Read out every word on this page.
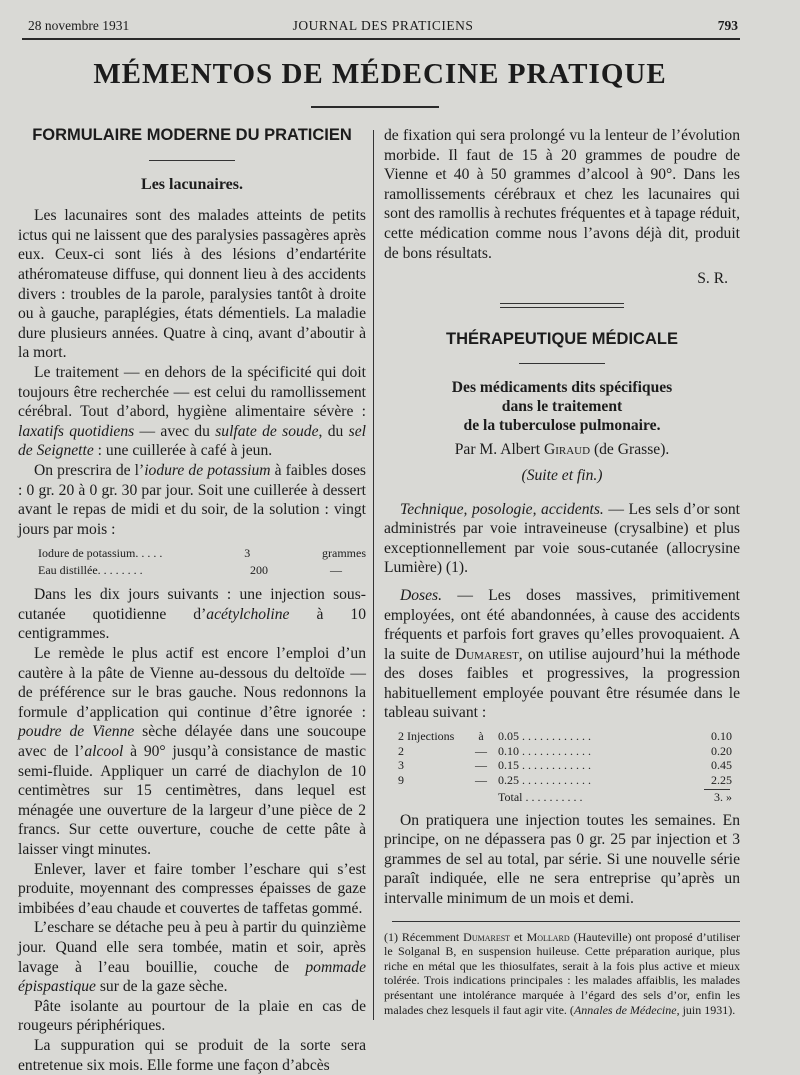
28 novembre 1931	JOURNAL DES PRATICIENS	793
MÉMENTOS DE MÉDECINE PRATIQUE
FORMULAIRE MODERNE DU PRATICIEN
Les lacunaires.

Les lacunaires sont des malades atteints de petits ictus qui ne laissent que des paralysies passagères après eux. Ceux-ci sont liés à des lésions d’endartérite athéromateuse diffuse, qui donnent lieu à des accidents divers : troubles de la parole, paralysies tantôt à droite ou à gauche, paraplégies, états démentiels. La maladie dure plusieurs années. Quatre à cinq, avant d’aboutir à la mort.

Le traitement — en dehors de la spécificité qui doit toujours être recherchée — est celui du ramollissement cérébral. Tout d’abord, hygiène alimentaire sévère : laxatifs quotidiens — avec du sulfate de soude, du sel de Seignette : une cuillerée à café à jeun.

On prescrira de l’iodure de potassium à faibles doses : 0 gr. 20 à 0 gr. 30 par jour. Soit une cuillerée à dessert avant le repas de midi et du soir, de la solution : vingt jours par mois :

Iodure de potassium. . . . .	3	grammes
Eau distillée. . . . . . . .	200	—

Dans les dix jours suivants : une injection sous-cutanée quotidienne d’acétylcholine à 10 centigrammes.

Le remède le plus actif est encore l’emploi d’un cautère à la pâte de Vienne au-dessous du deltoïde — de préférence sur le bras gauche. Nous redonnons la formule d’application qui continue d’être ignorée : poudre de Vienne sèche délayée dans une soucoupe avec de l’alcool à 90° jusqu’à consistance de mastic semi-fluide. Appliquer un carré de diachylon de 10 centimètres sur 15 centimètres, dans lequel est ménagée une ouverture de la largeur d’une pièce de 2 francs. Sur cette ouverture, couche de cette pâte à laisser vingt minutes.

Enlever, laver et faire tomber l’eschare qui s’est produite, moyennant des compresses épaisses de gaze imbibées d’eau chaude et couvertes de taffetas gommé.

L’eschare se détache peu à peu à partir du quinzième jour. Quand elle sera tombée, matin et soir, après lavage à l’eau bouillie, couche de pommade épispastique sur de la gaze sèche.

Pâte isolante au pourtour de la plaie en cas de rougeurs périphériques.

La suppuration qui se produit de la sorte sera entretenue six mois. Elle forme une façon d’abcès

de fixation qui sera prolongé vu la lenteur de l’évolution morbide. Il faut de 15 à 20 grammes de poudre de Vienne et 40 à 50 grammes d’alcool à 90°. Dans les ramollissements cérébraux et chez les lacunaires qui sont des ramollis à rechutes fréquentes et à tapage réduit, cette médication comme nous l’avons déjà dit, produit de bons résultats.

S. R.
THÉRAPEUTIQUE MÉDICALE
Des médicaments dits spécifiques
dans le traitement
de la tuberculose pulmonaire.
Par M. Albert Giraud (de Grasse).
(Suite et fin.)

Technique, posologie, accidents. — Les sels d’or sont administrés par voie intraveineuse (crysalbine) et plus exceptionnellement par voie sous-cutanée (allocrysine Lumière) (1).

Doses. — Les doses massives, primitivement employées, ont été abandonnées, à cause des accidents fréquents et parfois fort graves qu’elles provoquaient. A la suite de Dumarest, on utilise aujourd’hui la méthode des doses faibles et progressives, la progression habituellement employée pouvant être résumée dans le tableau suivant :

2 Injections	à	0.05 . . . . . . . . . . . .	0.10
2	— 0.10 . . . . . . . . . . . .	0.20
3	— 0.15 . . . . . . . . . . . .	0.45
9	— 0.25 . . . . . . . . . . . .	2.25
Total . . . . . . . . . .	3. »

On pratiquera une injection toutes les semaines. En principe, on ne dépassera pas 0 gr. 25 par injection et 3 grammes de sel au total, par série. Si une nouvelle série paraît indiquée, elle ne sera entreprise qu’après un intervalle minimum de un mois et demi.

(1) Récemment Dumarest et Mollard (Hauteville) ont proposé d’utiliser le Solganal B, en suspension huileuse. Cette préparation aurique, plus riche en métal que les thiosulfates, serait à la fois plus active et mieux tolérée. Trois indications principales : les malades affaiblis, les malades présentant une intolérance marquée à l’égard des sels d’or, enfin les malades chez lesquels il faut agir vite. (Annales de Médecine, juin 1931).
